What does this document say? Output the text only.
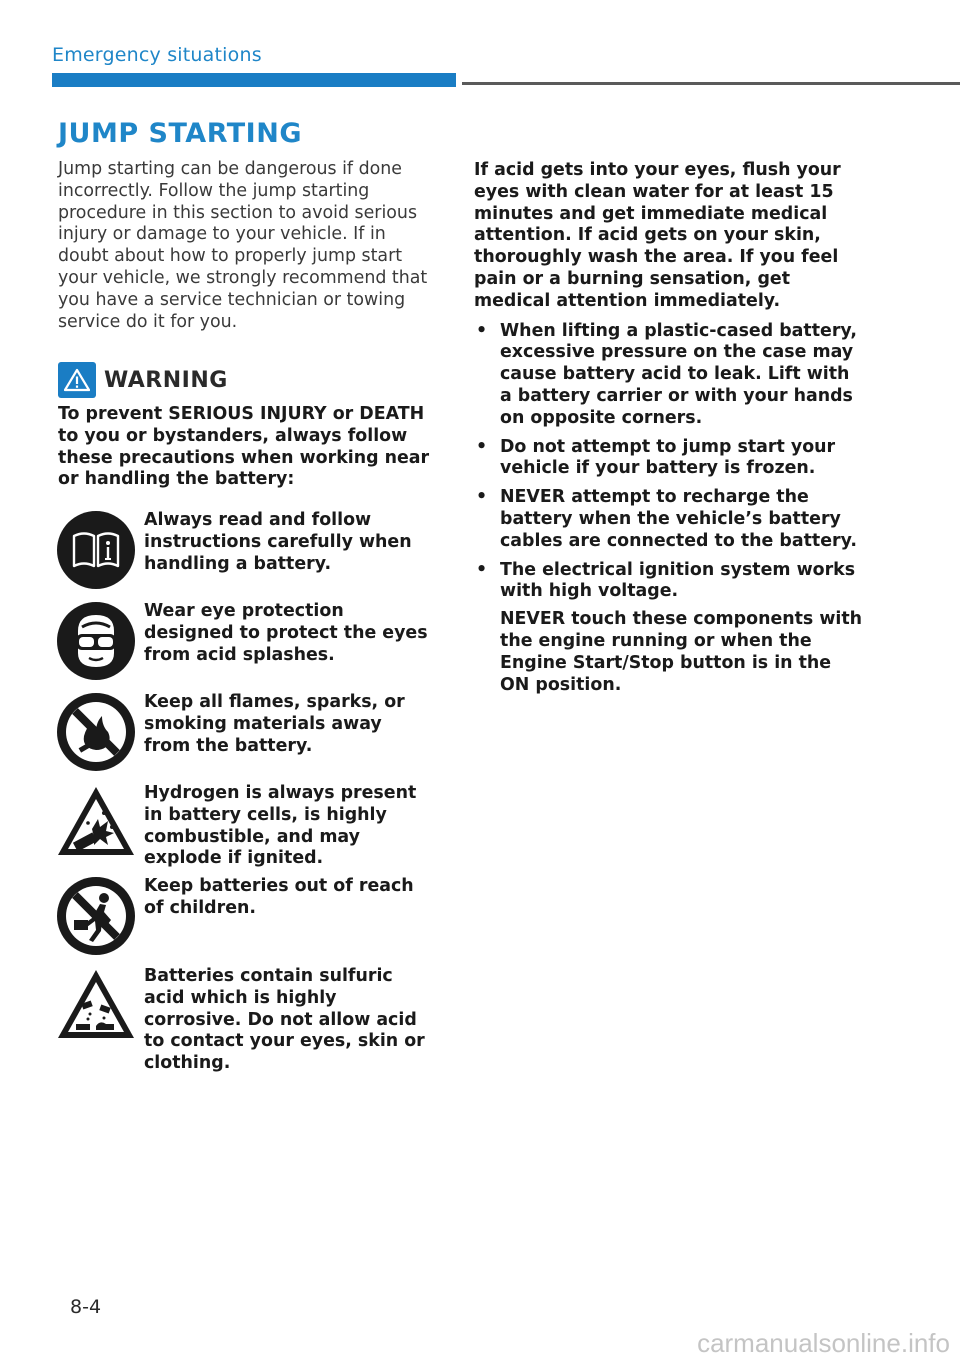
Emergency situations
JUMP STARTING

Jump starting can be dangerous if done incorrectly. Follow the jump starting procedure in this section to avoid serious injury or damage to your vehicle. If in doubt about how to properly jump start your vehicle, we strongly recommend that you have a service technician or towing service do it for you.

WARNING

To prevent SERIOUS INJURY or DEATH to you or bystanders, always follow these precautions when working near or handling the battery:

Always read and follow instructions carefully when handling a battery.
Wear eye protection designed to protect the eyes from acid splashes.
Keep all flames, sparks, or smoking materials away from the battery.
Hydrogen is always present in battery cells, is highly combustible, and may explode if ignited.
Keep batteries out of reach of children.
Batteries contain sulfuric acid which is highly corrosive. Do not allow acid to contact your eyes, skin or clothing.

If acid gets into your eyes, flush your eyes with clean water for at least 15 minutes and get immediate medical attention. If acid gets on your skin, thoroughly wash the area. If you feel pain or a burning sensation, get medical attention immediately.

• When lifting a plastic-cased battery, excessive pressure on the case may cause battery acid to leak. Lift with a battery carrier or with your hands on opposite corners.
• Do not attempt to jump start your vehicle if your battery is frozen.
• NEVER attempt to recharge the battery when the vehicle’s battery cables are connected to the battery.
• The electrical ignition system works with high voltage.
NEVER touch these components with the engine running or when the Engine Start/Stop button is in the ON position.
8-4
carmanualsonline.info
